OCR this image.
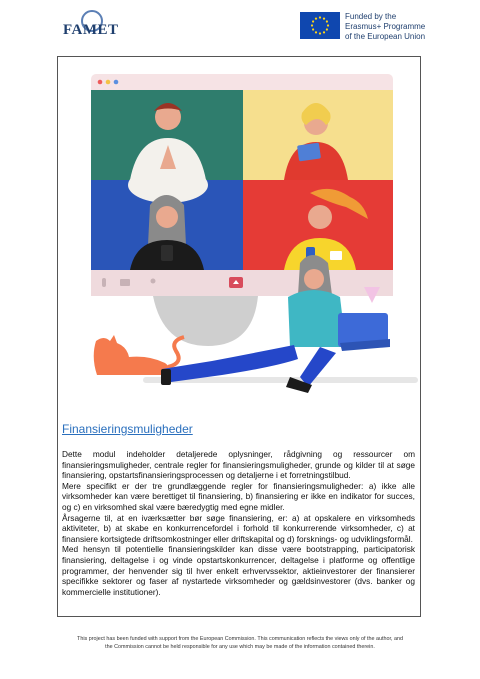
FAMET
Funded by the
Erasmus+ Programme
of the European Union
Finansieringsmuligheder

Dette modul indeholder detaljerede oplysninger, rådgivning og ressourcer om finansieringsmuligheder, centrale regler for finansieringsmuligheder, grunde og kilder til at søge finansiering, opstartsfinansieringsprocessen og detaljerne i et forretningstilbud.

Mere specifikt er der tre grundlæggende regler for finansieringsmuligheder: a) ikke alle virksomheder kan være berettiget til finansiering, b) finansiering er ikke en indikator for succes, og c) en virksomhed skal være bæredygtig med egne midler.

Årsagerne til, at en iværksætter bør søge finansiering, er: a) at opskalere en virksomheds aktiviteter, b) at skabe en konkurrencefordel i forhold til konkurrerende virksomheder, c) at finansiere kortsigtede driftsomkostninger eller driftskapital og d) forsknings- og udviklingsformål.

Med hensyn til potentielle finansieringskilder kan disse være bootstrapping, participatorisk finansiering, deltagelse i og vinde opstartskonkurrencer, deltagelse i platforme og offentlige programmer, der henvender sig til hver enkelt erhvervssektor, aktieinvestorer der finansierer specifikke sektorer og faser af nystartede virksomheder og gældsinvestorer (dvs. banker og kommercielle institutioner).

This project has been funded with support from the European Commission. This communication reflects the views only of the author, and
the Commission cannot be held responsible for any use which may be made of the information contained therein.
